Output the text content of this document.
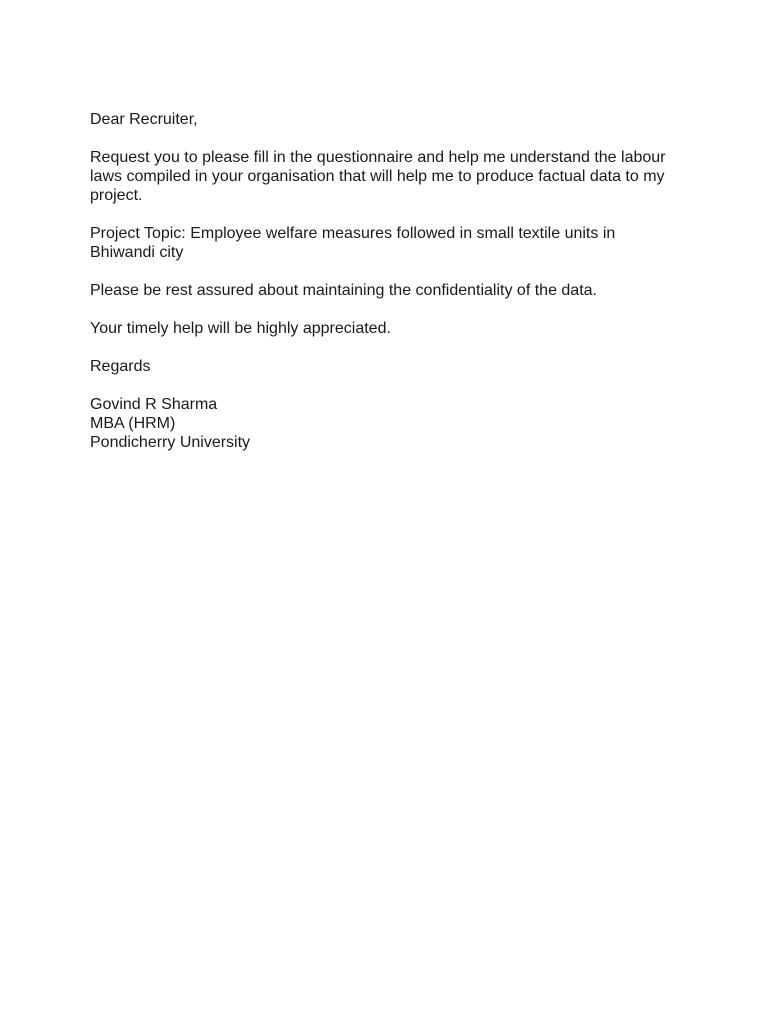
Dear Recruiter,

Request you to please fill in the questionnaire and help me understand the labour
laws compiled in your organisation that will help me to produce factual data to my
project.

Project Topic: Employee welfare measures followed in small textile units in
Bhiwandi city

Please be rest assured about maintaining the confidentiality of the data.

Your timely help will be highly appreciated.

Regards

Govind R Sharma
MBA (HRM)
Pondicherry University
